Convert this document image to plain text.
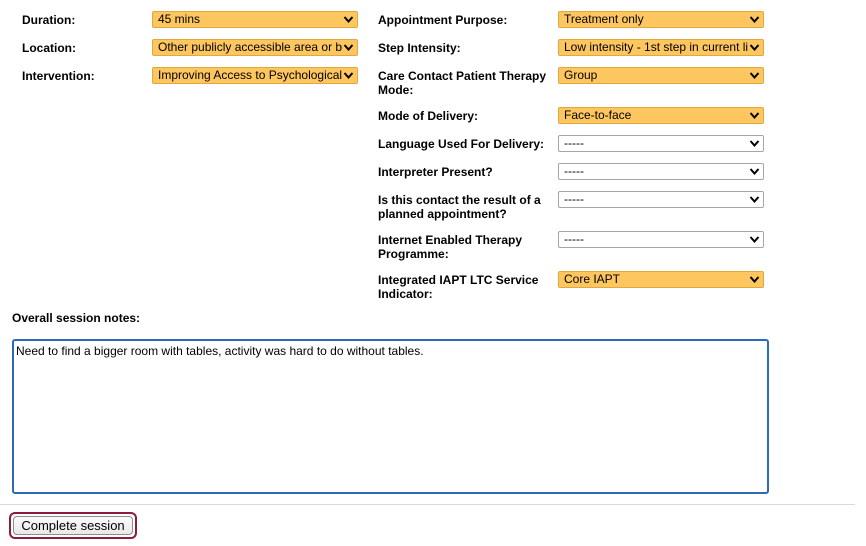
Duration:	45 mins
Location:	Other publicly accessible area or b
Intervention:	Improving Access to Psychological
Appointment Purpose:	Treatment only
Step Intensity:	Low intensity - 1st step in current li
Care Contact Patient Therapy
Mode:
Group
Mode of Delivery:	Face-to-face
Language Used For Delivery:	-----
Interpreter Present?	-----
Is this contact the result of a
planned appointment?
-----
Internet Enabled Therapy
Programme:
-----
Integrated IAPT LTC Service
Indicator:
Core IAPT
Overall session notes:
Need to find a bigger room with tables, activity was hard to do without tables.
Complete session
